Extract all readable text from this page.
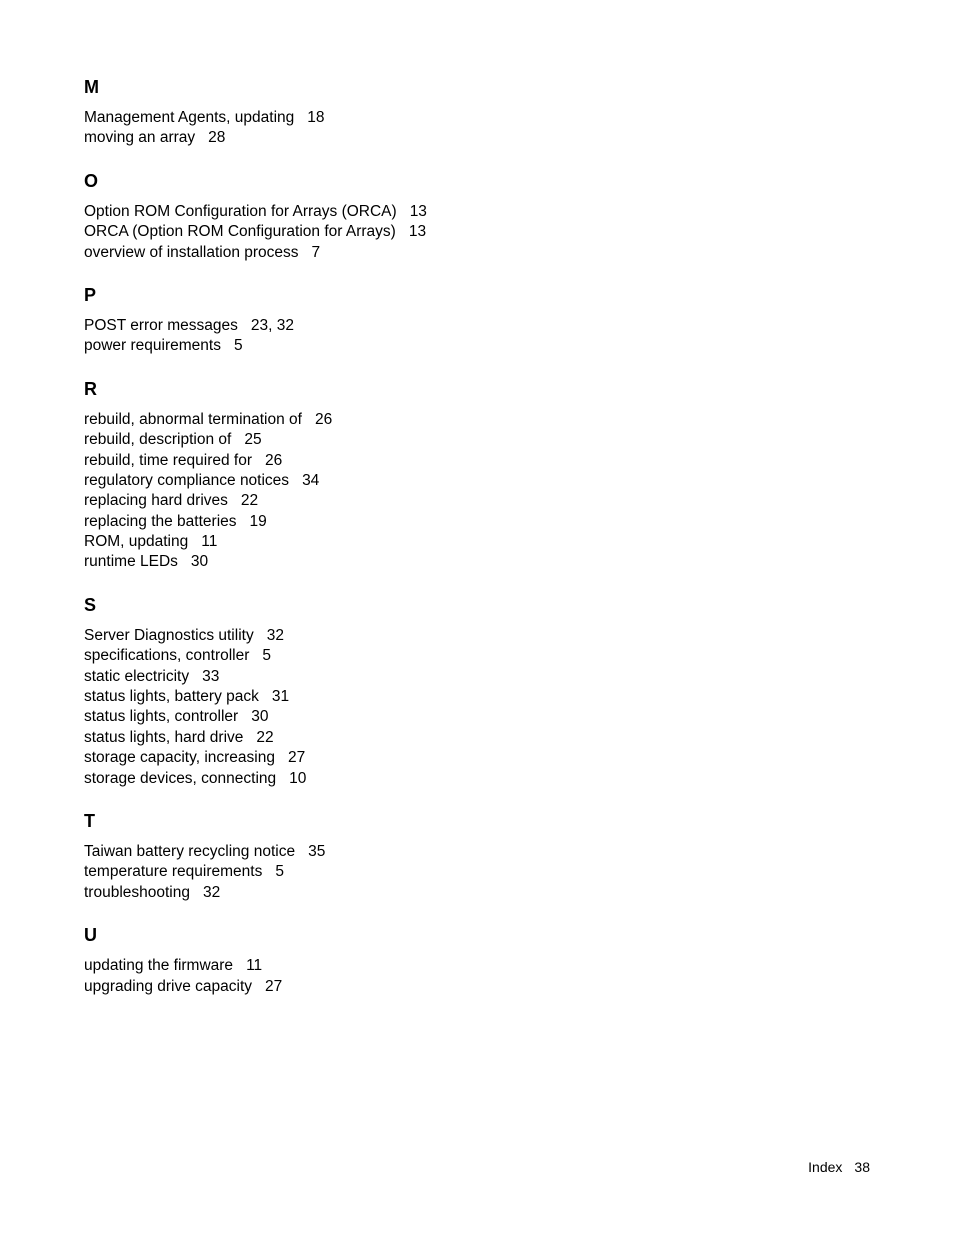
M
Management Agents, updating 18
moving an array 28
O
Option ROM Configuration for Arrays (ORCA) 13
ORCA (Option ROM Configuration for Arrays) 13
overview of installation process 7
P
POST error messages 23, 32
power requirements 5
R
rebuild, abnormal termination of 26
rebuild, description of 25
rebuild, time required for 26
regulatory compliance notices 34
replacing hard drives 22
replacing the batteries 19
ROM, updating 11
runtime LEDs 30
S
Server Diagnostics utility 32
specifications, controller 5
static electricity 33
status lights, battery pack 31
status lights, controller 30
status lights, hard drive 22
storage capacity, increasing 27
storage devices, connecting 10
T
Taiwan battery recycling notice 35
temperature requirements 5
troubleshooting 32
U
updating the firmware 11
upgrading drive capacity 27
Index 38
